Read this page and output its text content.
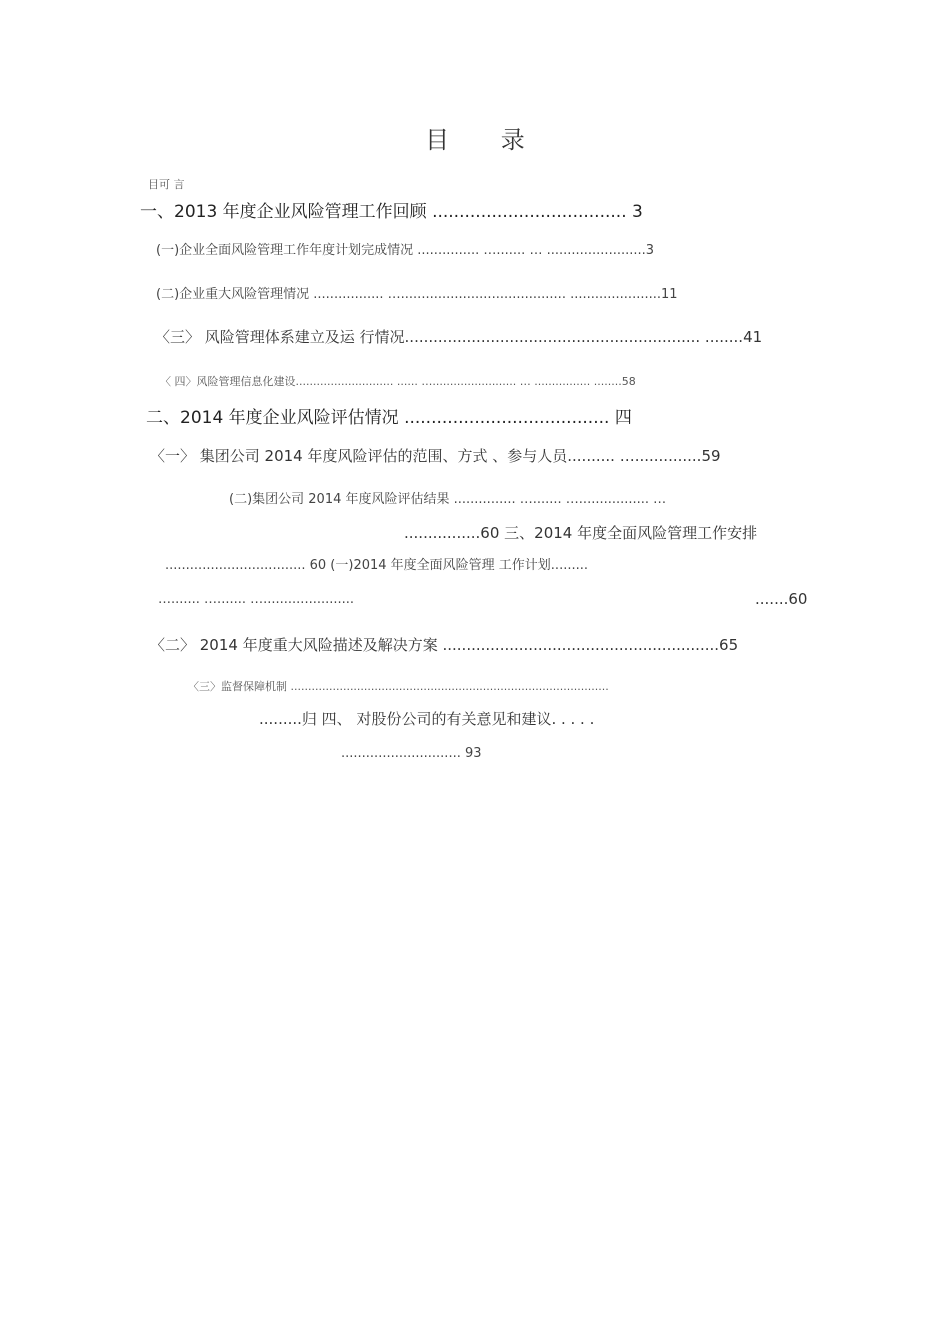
目 录
目可 言
一、2013 年度企业风险管理工作回顾 .................................... 3
(一)企业全面风险管理工作年度计划完成情况 ............... …....... … ........................3
(二)企业重大风险管理情况 ................. …........................................ ......................11
〈三〉 风险管理体系建立及运 行情况.............................................................. ........41
〈 四〉风险管理信息化建设............................ ...... …........................ … ................ ........58
二、2014 年度企业风险评估情况 ...................................... 四
〈一〉 集团公司 2014 年度风险评估的范围、方式 、参与人员.......... …..............59
(二)集团公司 2014 年度风险评估结果 ............... …....... …................. …
................60 三、2014 年度全面风险管理工作安排
.................................. 60 (一)2014 年度全面风险管理 工作计划.........
…....... …....... …......................	.......60
〈二〉 2014 年度重大风险描述及解决方案 ..........................................................65
〈三〉监督保障机制 ...........................................................................................
.........归 四、 对股份公司的有关意见和建议. . . . .
............................. 93
